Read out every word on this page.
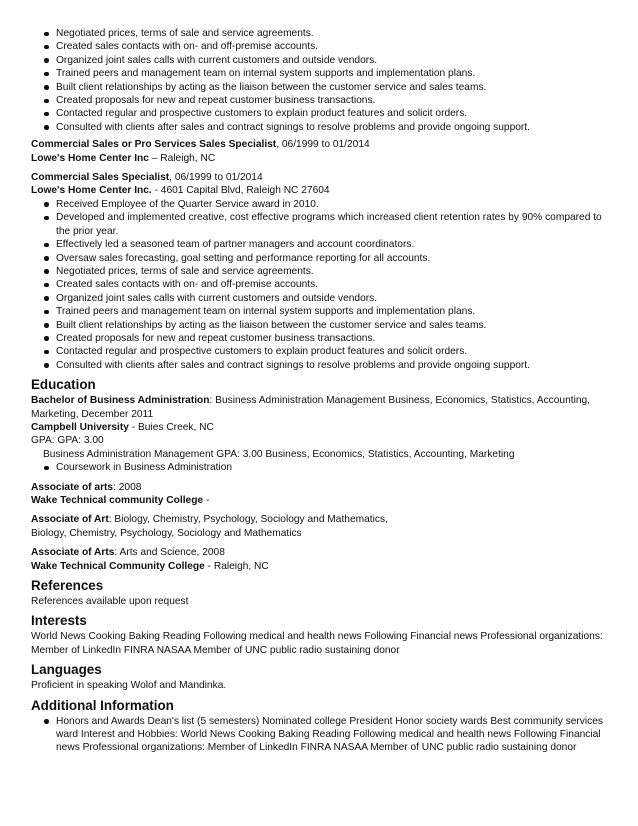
Negotiated prices, terms of sale and service agreements.
Created sales contacts with on- and off-premise accounts.
Organized joint sales calls with current customers and outside vendors.
Trained peers and management team on internal system supports and implementation plans.
Built client relationships by acting as the liaison between the customer service and sales teams.
Created proposals for new and repeat customer business transactions.
Contacted regular and prospective customers to explain product features and solicit orders.
Consulted with clients after sales and contract signings to resolve problems and provide ongoing support.
Commercial Sales or Pro Services Sales Specialist, 06/1999 to 01/2014
Lowe's Home Center Inc – Raleigh, NC
Commercial Sales Specialist, 06/1999 to 01/2014
Lowe's Home Center Inc. - 4601 Capital Blvd, Raleigh NC 27604
Received Employee of the Quarter Service award in 2010.
Developed and implemented creative, cost effective programs which increased client retention rates by 90% compared to the prior year.
Effectively led a seasoned team of partner managers and account coordinators.
Oversaw sales forecasting, goal setting and performance reporting for all accounts.
Negotiated prices, terms of sale and service agreements.
Created sales contacts with on- and off-premise accounts.
Organized joint sales calls with current customers and outside vendors.
Trained peers and management team on internal system supports and implementation plans.
Built client relationships by acting as the liaison between the customer service and sales teams.
Created proposals for new and repeat customer business transactions.
Contacted regular and prospective customers to explain product features and solicit orders.
Consulted with clients after sales and contract signings to resolve problems and provide ongoing support.
Education
Bachelor of Business Administration: Business Administration Management Business, Economics, Statistics, Accounting, Marketing, December 2011
Campbell University - Buies Creek, NC
GPA: GPA: 3.00
Business Administration Management GPA: 3.00 Business, Economics, Statistics, Accounting, Marketing
Coursework in Business Administration
Associate of arts: 2008
Wake Technical community College -
Associate of Art: Biology, Chemistry, Psychology, Sociology and Mathematics,
Biology, Chemistry, Psychology, Sociology and Mathematics
Associate of Arts: Arts and Science, 2008
Wake Technical Community College - Raleigh, NC
References
References available upon request
Interests
World News Cooking Baking Reading Following medical and health news Following Financial news Professional organizations: Member of LinkedIn FINRA NASAA Member of UNC public radio sustaining donor
Languages
Proficient in speaking Wolof and Mandinka.
Additional Information
Honors and Awards Dean's list (5 semesters) Nominated college President Honor society wards Best community services ward Interest and Hobbies: World News Cooking Baking Reading Following medical and health news Following Financial news Professional organizations: Member of LinkedIn FINRA NASAA Member of UNC public radio sustaining donor
